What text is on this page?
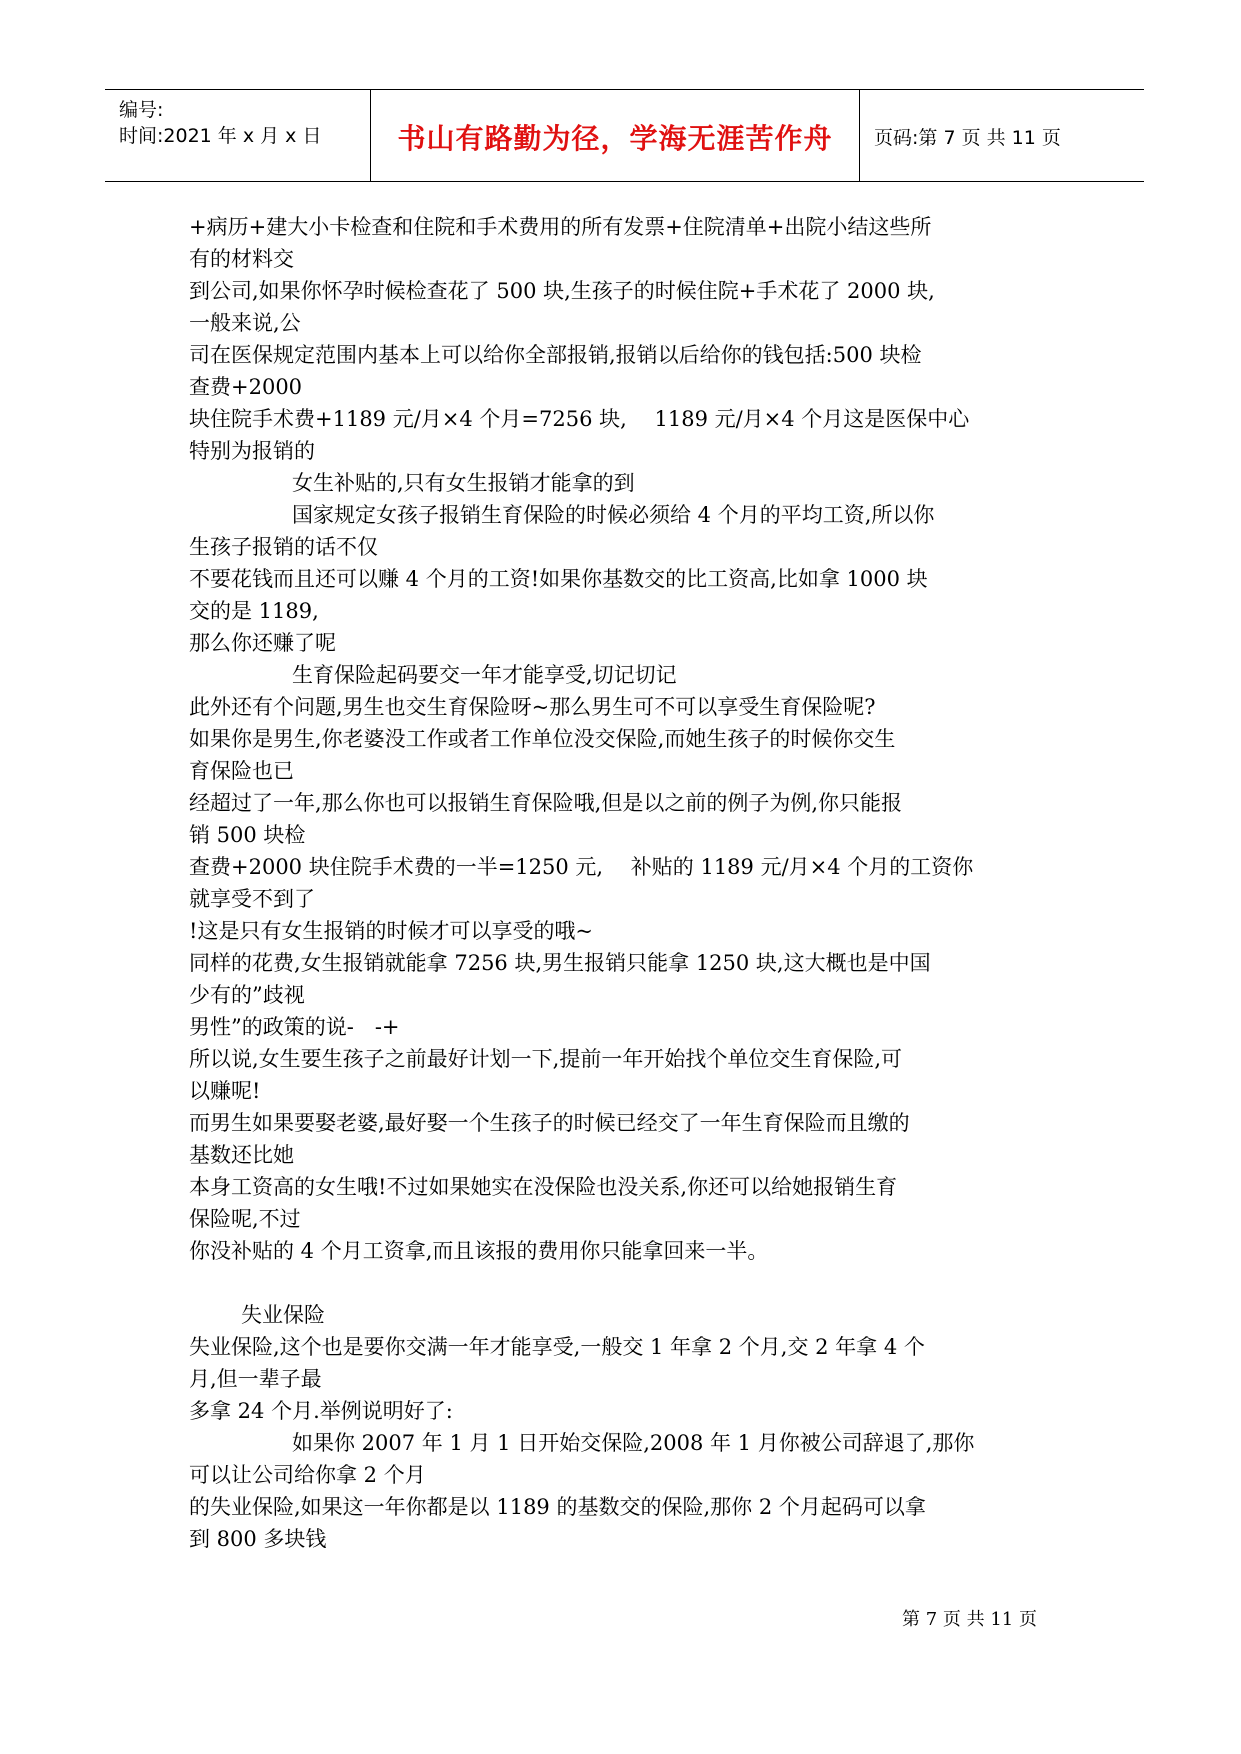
编号:
时间:2021 年 x 月 x 日	书山有路勤为径，学海无涯苦作舟	页码:第 7 页 共 11 页
+病历+建大小卡检查和住院和手术费用的所有发票+住院清单+出院小结这些所
有的材料交
到公司,如果你怀孕时候检查花了 500 块,生孩子的时候住院+手术花了 2000 块,
一般来说,公
司在医保规定范围内基本上可以给你全部报销,报销以后给你的钱包括:500 块检
查费+2000
块住院手术费+1189 元/月×4 个月=7256 块,　 1189 元/月×4 个月这是医保中心
特别为报销的
女生补贴的,只有女生报销才能拿的到
国家规定女孩子报销生育保险的时候必须给 4 个月的平均工资,所以你
生孩子报销的话不仅
不要花钱而且还可以赚 4 个月的工资!如果你基数交的比工资高,比如拿 1000 块
交的是 1189,
那么你还赚了呢
生育保险起码要交一年才能享受,切记切记
此外还有个问题,男生也交生育保险呀~那么男生可不可以享受生育保险呢?
如果你是男生,你老婆没工作或者工作单位没交保险,而她生孩子的时候你交生
育保险也已
经超过了一年,那么你也可以报销生育保险哦,但是以之前的例子为例,你只能报
销 500 块检
查费+2000 块住院手术费的一半=1250 元,　 补贴的 1189 元/月×4 个月的工资你
就享受不到了
!这是只有女生报销的时候才可以享受的哦~
同样的花费,女生报销就能拿 7256 块,男生报销只能拿 1250 块,这大概也是中国
少有的”歧视
男性”的政策的说-　-+
所以说,女生要生孩子之前最好计划一下,提前一年开始找个单位交生育保险,可
以赚呢!
而男生如果要娶老婆,最好娶一个生孩子的时候已经交了一年生育保险而且缴的
基数还比她
本身工资高的女生哦!不过如果她实在没保险也没关系,你还可以给她报销生育
保险呢,不过
你没补贴的 4 个月工资拿,而且该报的费用你只能拿回来一半。
失业保险
失业保险,这个也是要你交满一年才能享受,一般交 1 年拿 2 个月,交 2 年拿 4 个
月,但一辈子最
多拿 24 个月.举例说明好了:
如果你 2007 年 1 月 1 日开始交保险,2008 年 1 月你被公司辞退了,那你
可以让公司给你拿 2 个月
的失业保险,如果这一年你都是以 1189 的基数交的保险,那你 2 个月起码可以拿
到 800 多块钱
第 7 页 共 11 页
